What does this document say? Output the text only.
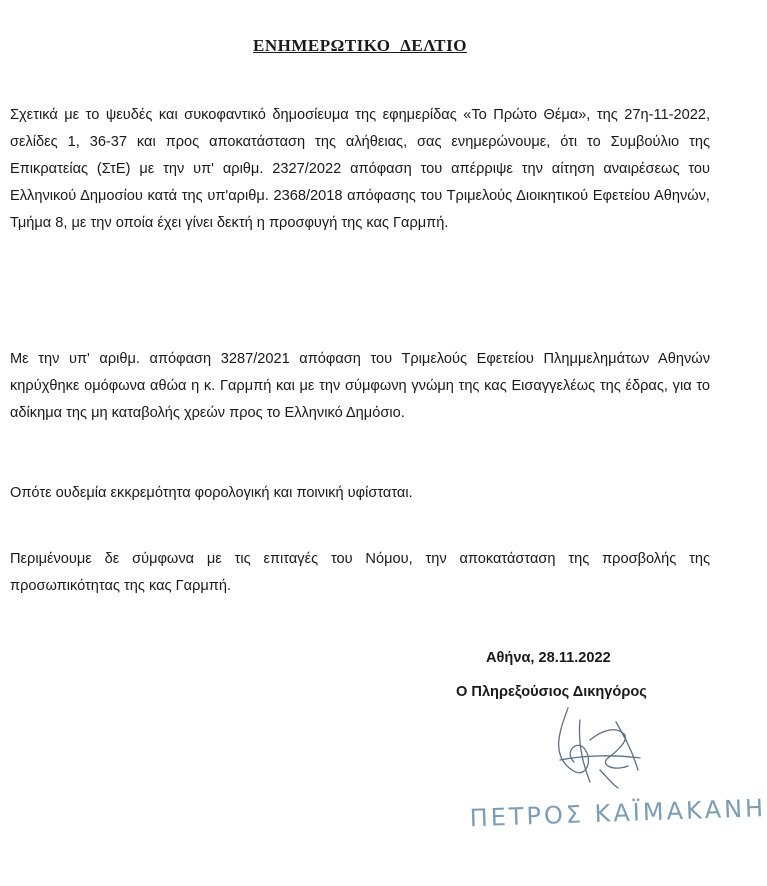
ΕΝΗΜΕΡΩΤΙΚΟ ΔΕΛΤΙΟ
Σχετικά με το ψευδές και συκοφαντικό δημοσίευμα της εφημερίδας «Το Πρώτο Θέμα», της 27η-11-2022, σελίδες 1, 36-37 και προς αποκατάσταση της αλήθειας, σας ενημερώνουμε, ότι το Συμβούλιο της Επικρατείας (ΣτΕ) με την υπ' αριθμ. 2327/2022 απόφαση του απέρριψε την αίτηση αναιρέσεως του Ελληνικού Δημοσίου κατά της υπ'αριθμ. 2368/2018 απόφασης του Τριμελούς Διοικητικού Εφετείου Αθηνών, Τμήμα 8, με την οποία έχει γίνει δεκτή η προσφυγή της κας Γαρμπή.
Με την υπ' αριθμ. απόφαση 3287/2021 απόφαση του Τριμελούς Εφετείου Πλημμελημάτων Αθηνών κηρύχθηκε ομόφωνα αθώα η κ. Γαρμπή και με την σύμφωνη γνώμη της κας Εισαγγελέως της έδρας, για το αδίκημα της μη καταβολής χρεών προς το Ελληνικό Δημόσιο.
Οπότε ουδεμία εκκρεμότητα φορολογική και ποινική υφίσταται.
Περιμένουμε δε σύμφωνα με τις επιταγές του Νόμου, την αποκατάσταση της προσβολής της προσωπικότητας της κας Γαρμπή.
Αθήνα, 28.11.2022
Ο Πληρεξούσιος Δικηγόρος
ΠΕΤΡΟΣ ΚΑΪΜΑΚΑΝΗ
